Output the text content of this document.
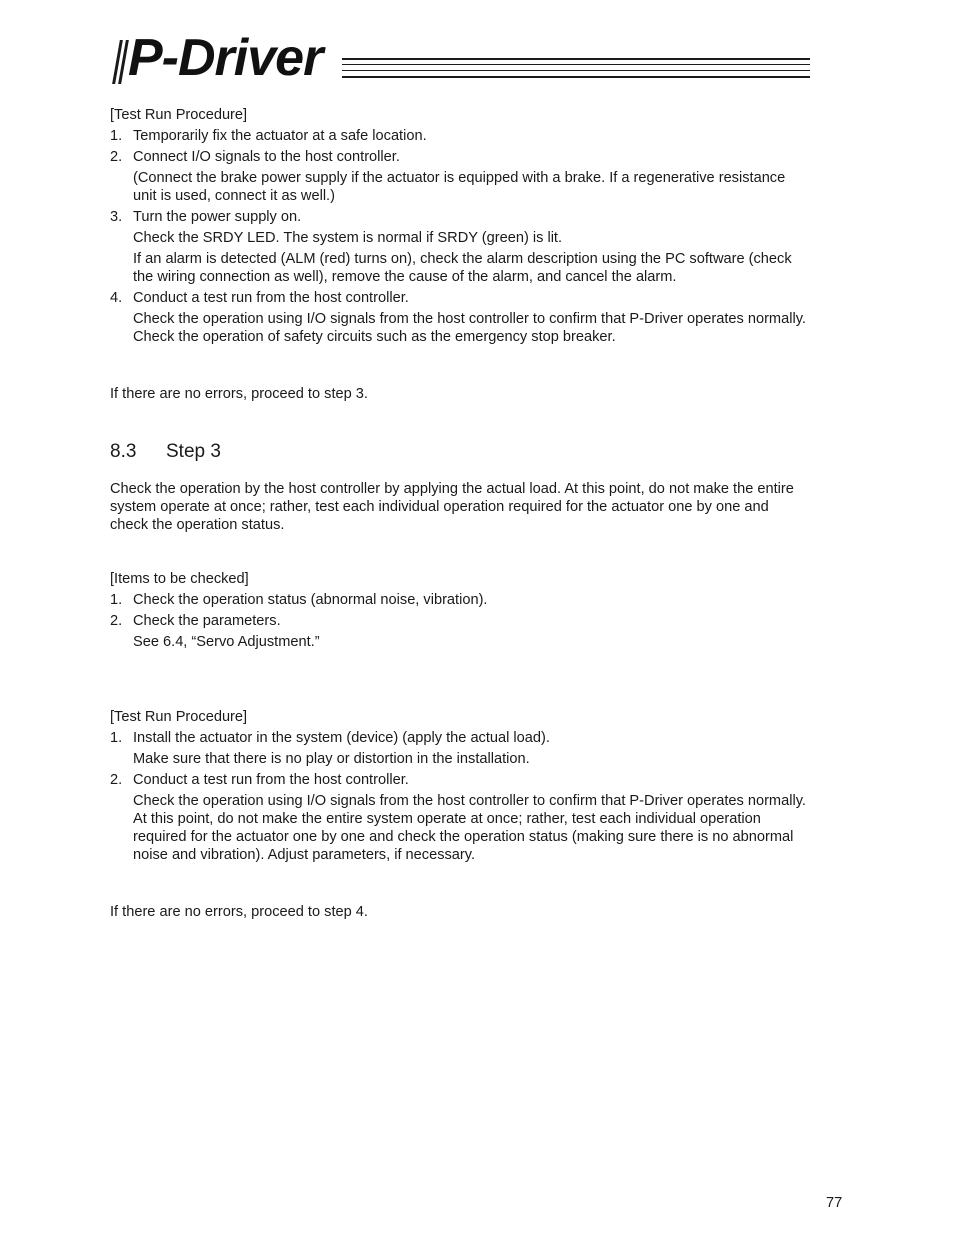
P-Driver
[Test Run Procedure]
1. Temporarily fix the actuator at a safe location.
2. Connect I/O signals to the host controller.
(Connect the brake power supply if the actuator is equipped with a brake. If a regenerative resistance
unit is used, connect it as well.)
3. Turn the power supply on.
Check the SRDY LED. The system is normal if SRDY (green) is lit.
If an alarm is detected (ALM (red) turns on), check the alarm description using the PC software (check
the wiring connection as well), remove the cause of the alarm, and cancel the alarm.
4. Conduct a test run from the host controller.
Check the operation using I/O signals from the host controller to confirm that P-Driver operates normally.
Check the operation of safety circuits such as the emergency stop breaker.
If there are no errors, proceed to step 3.
8.3 Step 3
Check the operation by the host controller by applying the actual load. At this point, do not make the entire
system operate at once; rather, test each individual operation required for the actuator one by one and
check the operation status.
[Items to be checked]
1. Check the operation status (abnormal noise, vibration).
2. Check the parameters.
See 6.4, “Servo Adjustment.”
[Test Run Procedure]
1. Install the actuator in the system (device) (apply the actual load).
Make sure that there is no play or distortion in the installation.
2. Conduct a test run from the host controller.
Check the operation using I/O signals from the host controller to confirm that P-Driver operates normally.
At this point, do not make the entire system operate at once; rather, test each individual operation
required for the actuator one by one and check the operation status (making sure there is no abnormal
noise and vibration). Adjust parameters, if necessary.
If there are no errors, proceed to step 4.
77
